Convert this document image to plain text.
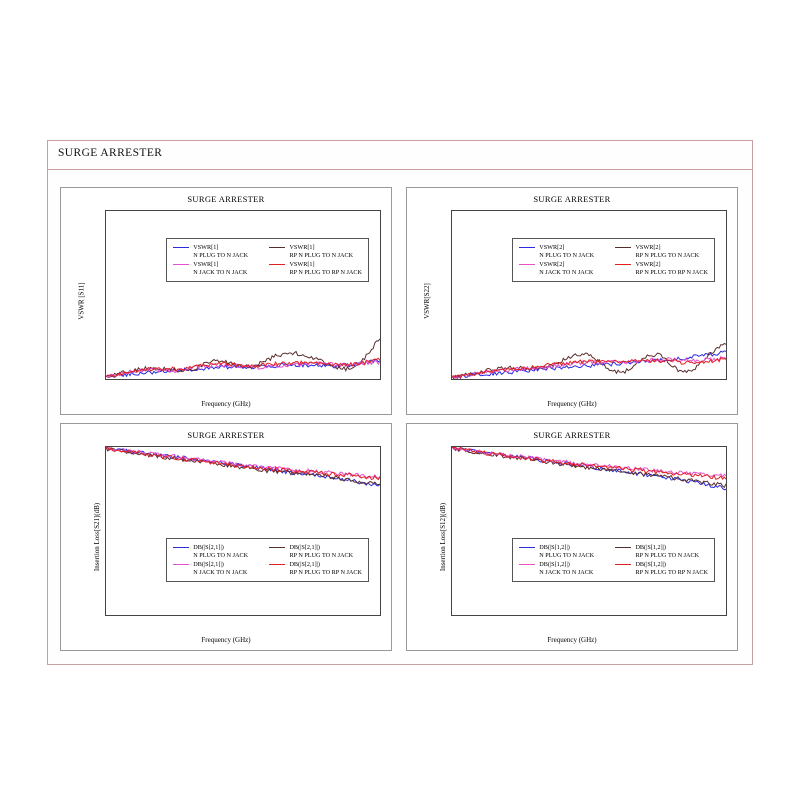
SURGE ARRESTER
SURGE ARRESTER
VSWR [S11]
Frequency (GHz)
VSWR[1]
N PLUG TO N JACK
VSWR[1]
RP N PLUG TO N JACK
VSWR[1]
N JACK TO N JACK
VSWR[1]
RP N PLUG TO RP N JACK
SURGE ARRESTER
VSWR[S22]
Frequency (GHz)
VSWR[2]
N PLUG TO N JACK
VSWR[2]
RP N PLUG TO N JACK
VSWR[2]
N JACK TO N JACK
VSWR[2]
RP N PLUG TO RP N JACK
SURGE ARRESTER
Insertion Loss[S21](dB)
Frequency (GHz)
DB(|S[2,1]|)
N PLUG TO N JACK
DB(|S[2,1]|)
RP N PLUG TO N JACK
DB(|S[2,1]|)
N JACK TO N JACK
DB(|S[2,1]|)
RP N PLUG TO RP N JACK
SURGE ARRESTER
Insertion Loss[S12](dB)
Frequency (GHz)
DB(|S[1,2]|)
N PLUG TO N JACK
DB(|S[1,2]|)
RP N PLUG TO N JACK
DB(|S[1,2]|)
N JACK TO N JACK
DB(|S[1,2]|)
RP N PLUG TO RP N JACK
